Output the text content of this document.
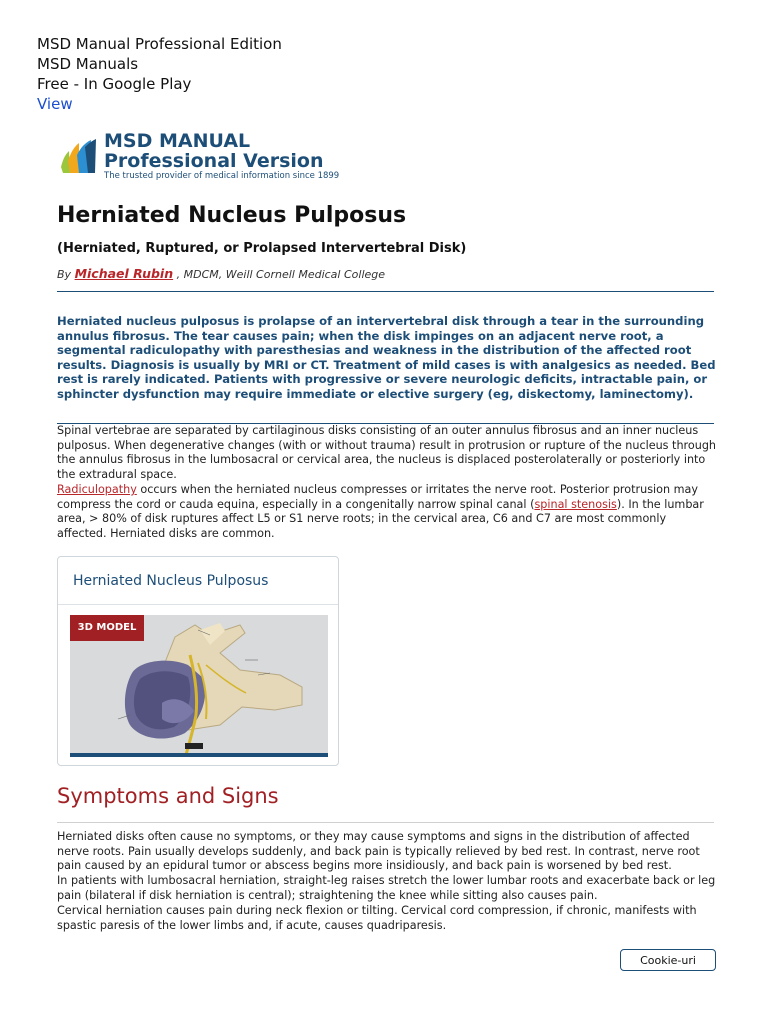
MSD Manual Professional Edition
MSD Manuals
Free - In Google Play
View
MSD MANUAL
Professional Version
The trusted provider of medical information since 1899
Herniated Nucleus Pulposus
(Herniated, Ruptured, or Prolapsed Intervertebral Disk)
By Michael Rubin , MDCM, Weill Cornell Medical College

Herniated nucleus pulposus is prolapse of an intervertebral disk through a tear in the surrounding annulus fibrosus. The tear causes pain; when the disk impinges on an adjacent nerve root, a segmental radiculopathy with paresthesias and weakness in the distribution of the affected root results. Diagnosis is usually by MRI or CT. Treatment of mild cases is with analgesics as needed. Bed rest is rarely indicated. Patients with progressive or severe neurologic deficits, intractable pain, or sphincter dysfunction may require immediate or elective surgery (eg, diskectomy, laminectomy).

Spinal vertebrae are separated by cartilaginous disks consisting of an outer annulus fibrosus and an inner nucleus pulposus. When degenerative changes (with or without trauma) result in protrusion or rupture of the nucleus through the annulus fibrosus in the lumbosacral or cervical area, the nucleus is displaced posterolaterally or posteriorly into the extradural space.

Radiculopathy occurs when the herniated nucleus compresses or irritates the nerve root. Posterior protrusion may compress the cord or cauda equina, especially in a congenitally narrow spinal canal (spinal stenosis). In the lumbar area, > 80% of disk ruptures affect L5 or S1 nerve roots; in the cervical area, C6 and C7 are most commonly affected. Herniated disks are common.

Herniated Nucleus Pulposus
3D MODEL
Symptoms and Signs

Herniated disks often cause no symptoms, or they may cause symptoms and signs in the distribution of affected nerve roots. Pain usually develops suddenly, and back pain is typically relieved by bed rest. In contrast, nerve root pain caused by an epidural tumor or abscess begins more insidiously, and back pain is worsened by bed rest.

In patients with lumbosacral herniation, straight-leg raises stretch the lower lumbar roots and exacerbate back or leg pain (bilateral if disk herniation is central); straightening the knee while sitting also causes pain.

Cervical herniation causes pain during neck flexion or tilting. Cervical cord compression, if chronic, manifests with spastic paresis of the lower limbs and, if acute, causes quadriparesis.

Cookie-uri
